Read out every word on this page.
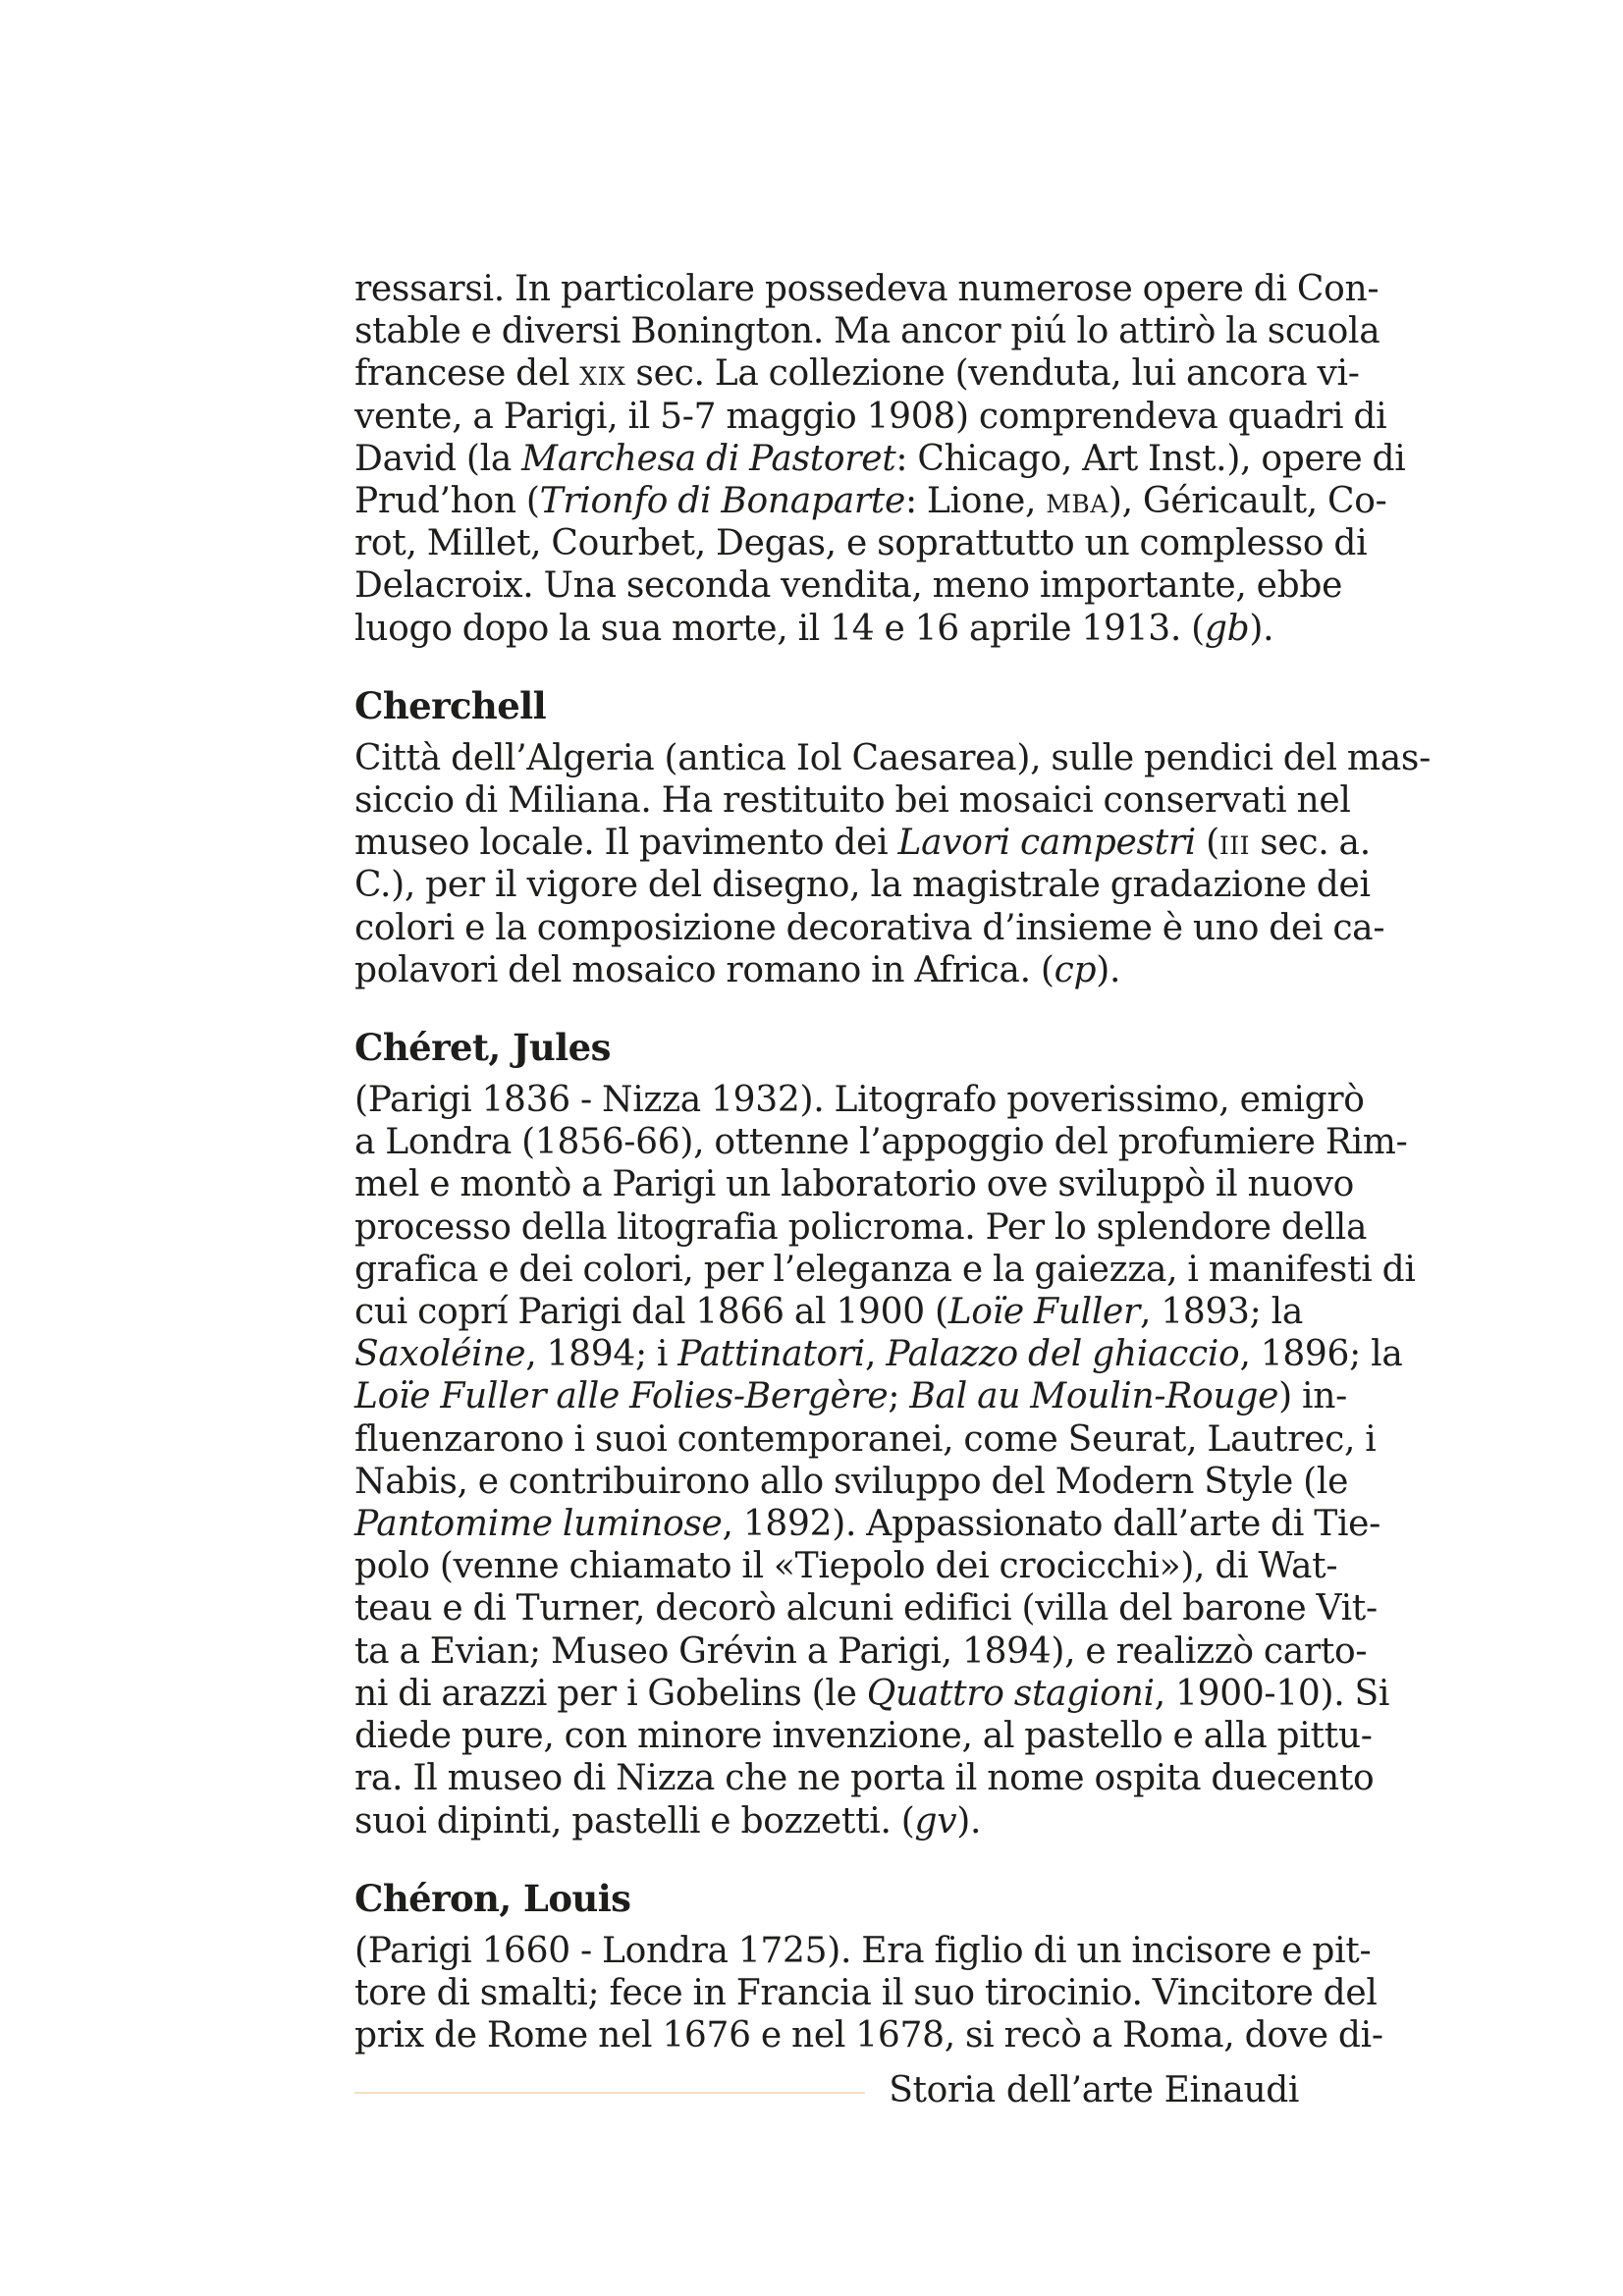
ressarsi. In particolare possedeva numerose opere di Con-
stable e diversi Bonington. Ma ancor piú lo attirò la scuola
francese del xix sec. La collezione (venduta, lui ancora vi-
vente, a Parigi, il 5-7 maggio 1908) comprendeva quadri di
David (la Marchesa di Pastoret: Chicago, Art Inst.), opere di
Prud’hon (Trionfo di Bonaparte: Lione, mba), Géricault, Co-
rot, Millet, Courbet, Degas, e soprattutto un complesso di
Delacroix. Una seconda vendita, meno importante, ebbe
luogo dopo la sua morte, il 14 e 16 aprile 1913. (gb).

Cherchell

Città dell’Algeria (antica Iol Caesarea), sulle pendici del mas-
siccio di Miliana. Ha restituito bei mosaici conservati nel
museo locale. Il pavimento dei Lavori campestri (iii sec. a.
C.), per il vigore del disegno, la magistrale gradazione dei
colori e la composizione decorativa d’insieme è uno dei ca-
polavori del mosaico romano in Africa. (cp).

Chéret, Jules

(Parigi 1836 - Nizza 1932). Litografo poverissimo, emigrò
a Londra (1856-66), ottenne l’appoggio del profumiere Rim-
mel e montò a Parigi un laboratorio ove sviluppò il nuovo
processo della litografia policroma. Per lo splendore della
grafica e dei colori, per l’eleganza e la gaiezza, i manifesti di
cui coprí Parigi dal 1866 al 1900 (Loïe Fuller, 1893; la
Saxoléine, 1894; i Pattinatori, Palazzo del ghiaccio, 1896; la
Loïe Fuller alle Folies-Bergère; Bal au Moulin-Rouge) in-
fluenzarono i suoi contemporanei, come Seurat, Lautrec, i
Nabis, e contribuirono allo sviluppo del Modern Style (le
Pantomime luminose, 1892). Appassionato dall’arte di Tie-
polo (venne chiamato il «Tiepolo dei crocicchi»), di Wat-
teau e di Turner, decorò alcuni edifici (villa del barone Vit-
ta a Evian; Museo Grévin a Parigi, 1894), e realizzò carto-
ni di arazzi per i Gobelins (le Quattro stagioni, 1900-10). Si
diede pure, con minore invenzione, al pastello e alla pittu-
ra. Il museo di Nizza che ne porta il nome ospita duecento
suoi dipinti, pastelli e bozzetti. (gv).

Chéron, Louis

(Parigi 1660 - Londra 1725). Era figlio di un incisore e pit-
tore di smalti; fece in Francia il suo tirocinio. Vincitore del
prix de Rome nel 1676 e nel 1678, si recò a Roma, dove di-

Storia dell’arte Einaudi
